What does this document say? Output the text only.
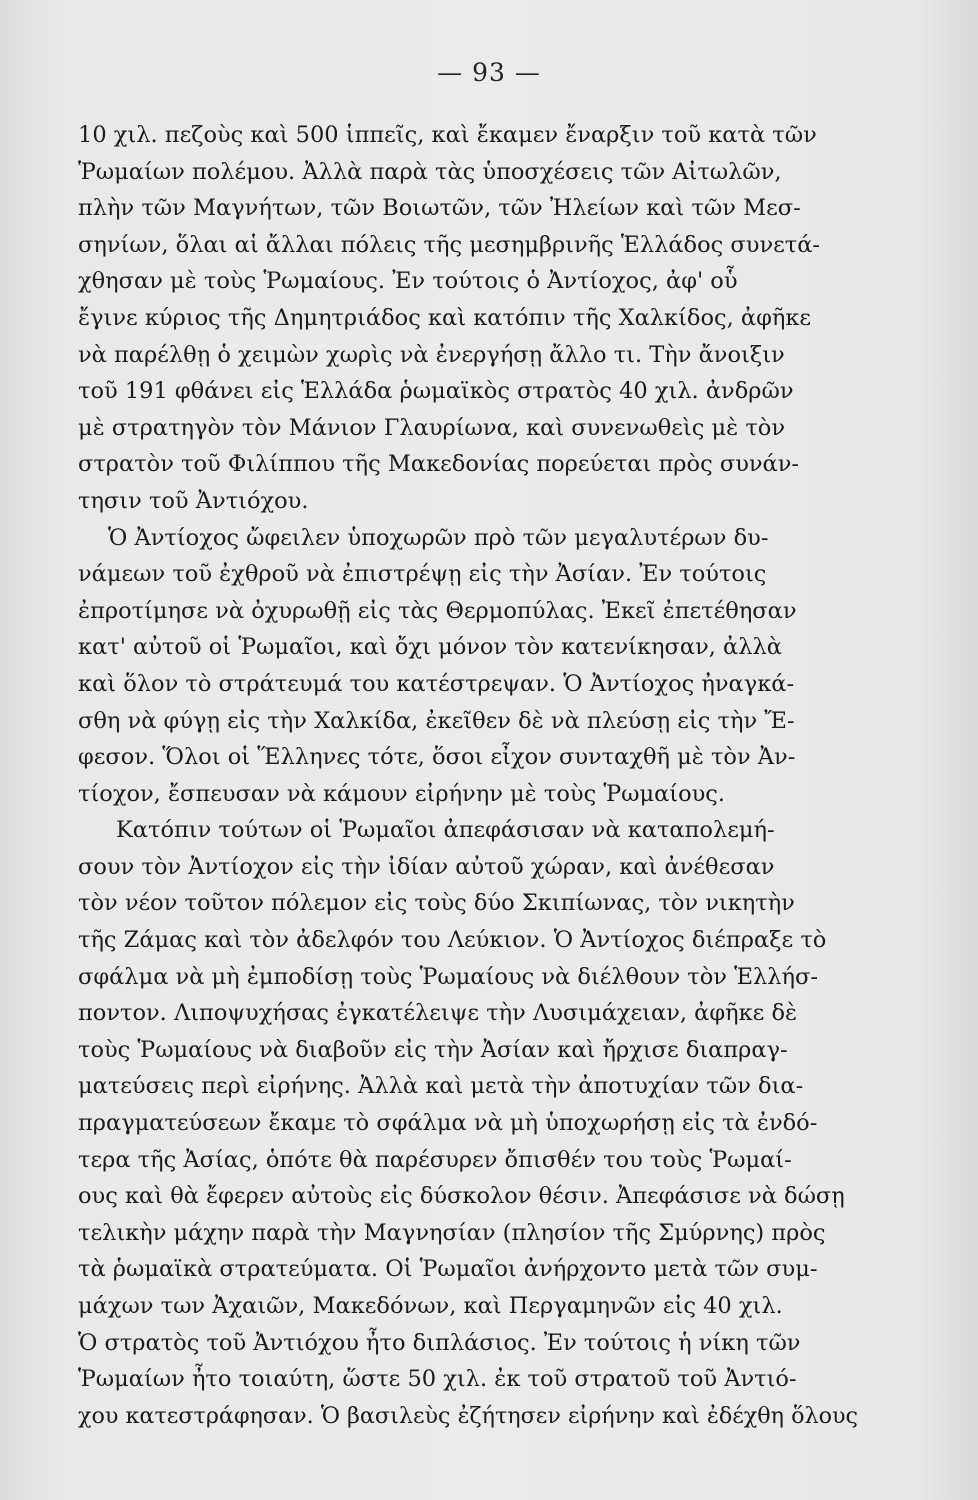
— 93 —
10 χιλ. πεζοὺς καὶ 500 ἱππεῖς, καὶ ἔκαμεν ἔναρξιν τοῦ κατὰ τῶν
Ῥωμαίων πολέμου. Ἀλλὰ παρὰ τὰς ὑποσχέσεις τῶν Αἰτωλῶν,
πλὴν τῶν Μαγνήτων, τῶν Βοιωτῶν, τῶν Ἠλείων καὶ τῶν Μεσ-
σηνίων, ὅλαι αἱ ἄλλαι πόλεις τῆς μεσημβρινῆς Ἑλλάδος συνετά-
χθησαν μὲ τοὺς Ῥωμαίους. Ἐν τούτοις ὁ Ἀντίοχος, ἀφ' οὗ
ἔγινε κύριος τῆς Δημητριάδος καὶ κατόπιν τῆς Χαλκίδος, ἀφῆκε
νὰ παρέλθῃ ὁ χειμὼν χωρὶς νὰ ἐνεργήσῃ ἄλλο τι. Τὴν ἄνοιξιν
τοῦ 191 φθάνει εἰς Ἑλλάδα ῥωμαϊκὸς στρατὸς 40 χιλ. ἀνδρῶν
μὲ στρατηγὸν τὸν Μάνιον Γλαυρίωνα, καὶ συνενωθεὶς μὲ τὸν
στρατὸν τοῦ Φιλίππου τῆς Μακεδονίας πορεύεται πρὸς συνάν-
τησιν τοῦ Ἀντιόχου.
Ὁ Ἀντίοχος ὤφειλεν ὑποχωρῶν πρὸ τῶν μεγαλυτέρων δυ-
νάμεων τοῦ ἐχθροῦ νὰ ἐπιστρέψῃ εἰς τὴν Ἀσίαν. Ἐν τούτοις
ἐπροτίμησε νὰ ὀχυρωθῇ εἰς τὰς Θερμοπύλας. Ἐκεῖ ἐπετέθησαν
κατ' αὐτοῦ οἱ Ῥωμαῖοι, καὶ ὄχι μόνον τὸν κατενίκησαν, ἀλλὰ
καὶ ὅλον τὸ στράτευμά του κατέστρεψαν. Ὁ Ἀντίοχος ἠναγκά-
σθη νὰ φύγῃ εἰς τὴν Χαλκίδα, ἐκεῖθεν δὲ νὰ πλεύσῃ εἰς τὴν Ἔ-
φεσον. Ὅλοι οἱ Ἕλληνες τότε, ὅσοι εἶχον συνταχθῆ μὲ τὸν Ἀν-
τίοχον, ἔσπευσαν νὰ κάμουν εἰρήνην μὲ τοὺς Ῥωμαίους.
Κατόπιν τούτων οἱ Ῥωμαῖοι ἀπεφάσισαν νὰ καταπολεμή-
σουν τὸν Ἀντίοχον εἰς τὴν ἰδίαν αὐτοῦ χώραν, καὶ ἀνέθεσαν
τὸν νέον τοῦτον πόλεμον εἰς τοὺς δύο Σκιπίωνας, τὸν νικητὴν
τῆς Ζάμας καὶ τὸν ἀδελφόν του Λεύκιον. Ὁ Ἀντίοχος διέπραξε τὸ
σφάλμα νὰ μὴ ἐμποδίσῃ τοὺς Ῥωμαίους νὰ διέλθουν τὸν Ἑλλήσ-
ποντον. Λιποψυχήσας ἐγκατέλειψε τὴν Λυσιμάχειαν, ἀφῆκε δὲ
τοὺς Ῥωμαίους νὰ διαβοῦν εἰς τὴν Ἀσίαν καὶ ἤρχισε διαπραγ-
ματεύσεις περὶ εἰρήνης. Ἀλλὰ καὶ μετὰ τὴν ἀποτυχίαν τῶν δια-
πραγματεύσεων ἔκαμε τὸ σφάλμα νὰ μὴ ὑποχωρήσῃ εἰς τὰ ἐνδό-
τερα τῆς Ἀσίας, ὁπότε θὰ παρέσυρεν ὄπισθέν του τοὺς Ῥωμαί-
ους καὶ θὰ ἔφερεν αὐτοὺς εἰς δύσκολον θέσιν. Ἀπεφάσισε νὰ δώσῃ
τελικὴν μάχην παρὰ τὴν Μαγνησίαν (πλησίον τῆς Σμύρνης) πρὸς
τὰ ῥωμαϊκὰ στρατεύματα. Οἱ Ῥωμαῖοι ἀνήρχοντο μετὰ τῶν συμ-
μάχων των Ἀχαιῶν, Μακεδόνων, καὶ Περγαμηνῶν εἰς 40 χιλ.
Ὁ στρατὸς τοῦ Ἀντιόχου ἦτο διπλάσιος. Ἐν τούτοις ἡ νίκη τῶν
Ῥωμαίων ἦτο τοιαύτη, ὥστε 50 χιλ. ἐκ τοῦ στρατοῦ τοῦ Ἀντιό-
χου κατεστράφησαν. Ὁ βασιλεὺς ἐζήτησεν εἰρήνην καὶ ἐδέχθη ὅλους
